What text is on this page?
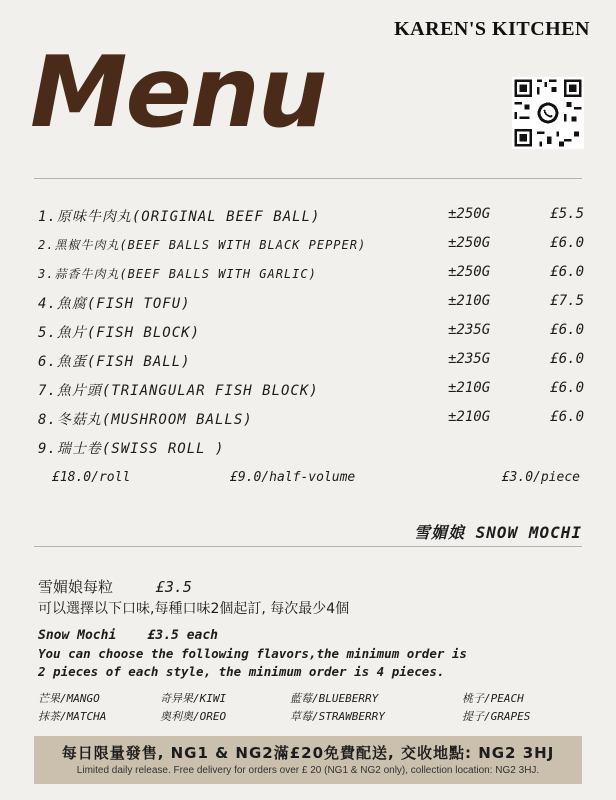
KAREN'S KITCHEN
Menu
1.原味牛肉丸(ORIGINAL BEEF BALL)	±250G	£5.5
2.黑椒牛肉丸(BEEF BALLS WITH BLACK PEPPER)	±250G	£6.0
3.蒜香牛肉丸(BEEF BALLS WITH GARLIC)	±250G	£6.0
4.魚腐(FISH TOFU)	±210G	£7.5
5.魚片(FISH BLOCK)	±235G	£6.0
6.魚蛋(FISH BALL)	±235G	£6.0
7.魚片頭(TRIANGULAR FISH BLOCK)	±210G	£6.0
8.冬菇丸(MUSHROOM BALLS)	±210G	£6.0
9.瑞士卷(SWISS ROLL )
£18.0/roll	£9.0/half-volume	£3.0/piece
雪媚娘 SNOW MOCHI
雪媚娘每粒	£3.5
可以選擇以下口味,每種口味2個起訂, 每次最少4個
Snow Mochi    £3.5 each
You can choose the following flavors,the minimum order is
2 pieces of each style, the minimum order is 4 pieces.
芒果/MANGO	奇异果/KIWI	藍莓/BLUEBERRY	桃子/PEACH
抹茶/MATCHA	奥利奥/OREO	草莓/STRAWBERRY	提子/GRAPES
每日限量發售, NG1 & NG2滿£20免費配送, 交收地點: NG2 3HJ
Limited daily release. Free delivery for orders over £ 20 (NG1 & NG2 only), collection location: NG2 3HJ.
